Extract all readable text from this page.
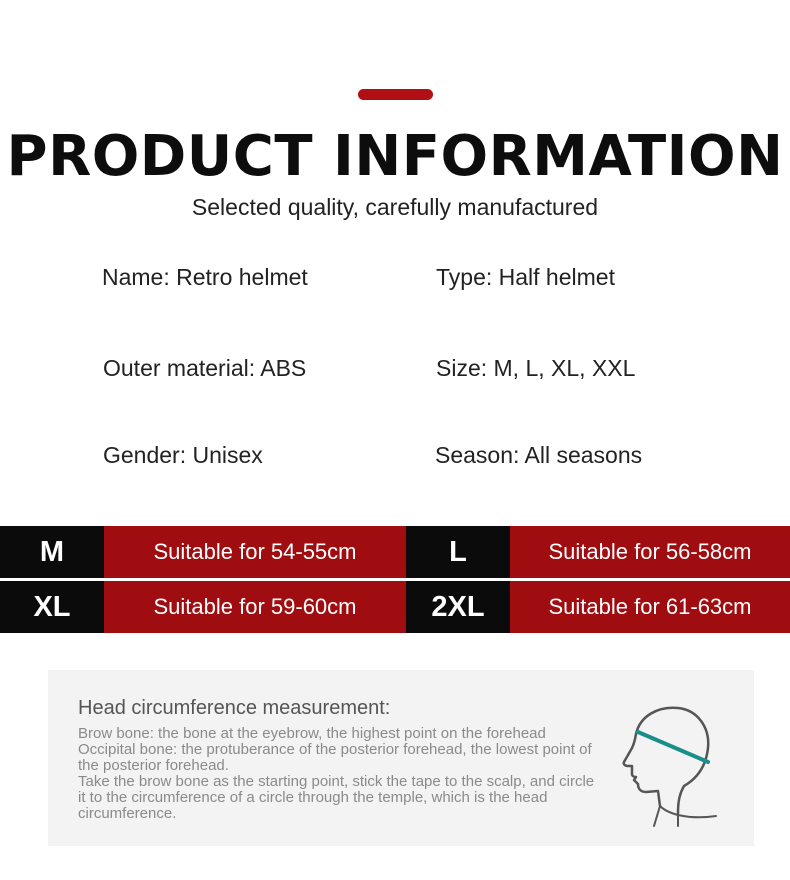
PRODUCT INFORMATION
Selected quality, carefully manufactured
Name: Retro helmet	Type: Half helmet
Outer material: ABS	Size: M, L, XL, XXL
Gender: Unisex	Season: All seasons
M	Suitable for 54-55cm	L	Suitable for 56-58cm
XL	Suitable for 59-60cm	2XL	Suitable for 61-63cm
Head circumference measurement:

Brow bone: the bone at the eyebrow, the highest point on the forehead

Occipital bone: the protuberance of the posterior forehead, the lowest point of the posterior forehead.

Take the brow bone as the starting point, stick the tape to the scalp, and circle it to the circumference of a circle through the temple, which is the head circumference.
